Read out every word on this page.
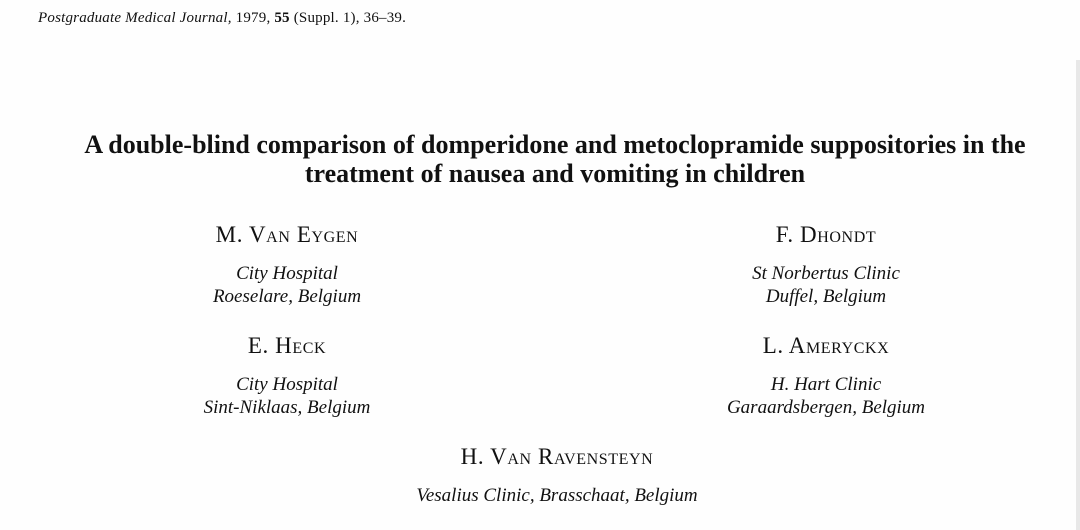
Postgraduate Medical Journal, 1979, 55 (Suppl. 1), 36–39.
A double-blind comparison of domperidone and metoclopramide suppositories in the
treatment of nausea and vomiting in children
M. Van Eygen
City Hospital
Roeselare, Belgium
F. Dhondt
St Norbertus Clinic
Duffel, Belgium
E. Heck
City Hospital
Sint-Niklaas, Belgium
L. Ameryckx
H. Hart Clinic
Garaardsbergen, Belgium
H. Van Ravensteyn
Vesalius Clinic, Brasschaat, Belgium
